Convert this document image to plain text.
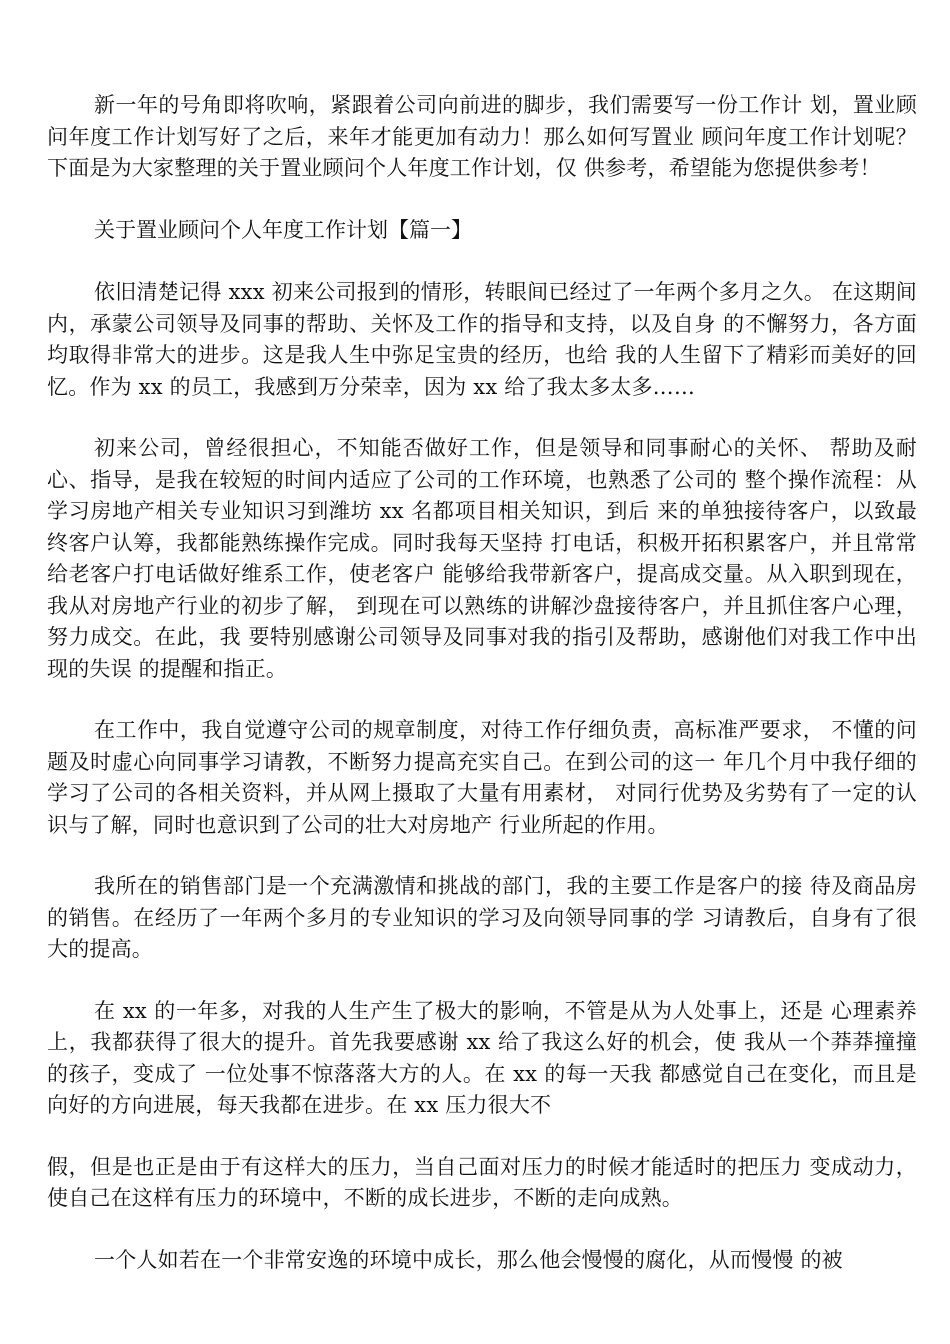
新一年的号角即将吹响，紧跟着公司向前进的脚步，我们需要写一份工作计 划，置业顾问年度工作计划写好了之后，来年才能更加有动力！那么如何写置业 顾问年度工作计划呢？下面是为大家整理的关于置业顾问个人年度工作计划，仅 供参考，希望能为您提供参考！

关于置业顾问个人年度工作计划【篇一】

依旧清楚记得 xxx 初来公司报到的情形，转眼间已经过了一年两个多月之久。 在这期间内，承蒙公司领导及同事的帮助、关怀及工作的指导和支持，以及自身 的不懈努力，各方面均取得非常大的进步。这是我人生中弥足宝贵的经历，也给 我的人生留下了精彩而美好的回忆。作为 xx 的员工，我感到万分荣幸，因为 xx 给了我太多太多……

初来公司，曾经很担心，不知能否做好工作，但是领导和同事耐心的关怀、 帮助及耐心、指导，是我在较短的时间内适应了公司的工作环境，也熟悉了公司的 整个操作流程：从学习房地产相关专业知识习到潍坊 xx 名都项目相关知识，到后 来的单独接待客户，以致最终客户认筹，我都能熟练操作完成。同时我每天坚持 打电话，积极开拓积累客户，并且常常给老客户打电话做好维系工作，使老客户 能够给我带新客户，提高成交量。从入职到现在，我从对房地产行业的初步了解， 到现在可以熟练的讲解沙盘接待客户，并且抓住客户心理，努力成交。在此，我 要特别感谢公司领导及同事对我的指引及帮助，感谢他们对我工作中出现的失误 的提醒和指正。

在工作中，我自觉遵守公司的规章制度，对待工作仔细负责，高标准严要求， 不懂的问题及时虚心向同事学习请教，不断努力提高充实自己。在到公司的这一 年几个月中我仔细的学习了公司的各相关资料，并从网上摄取了大量有用素材， 对同行优势及劣势有了一定的认识与了解，同时也意识到了公司的壮大对房地产 行业所起的作用。

我所在的销售部门是一个充满激情和挑战的部门，我的主要工作是客户的接 待及商品房的销售。在经历了一年两个多月的专业知识的学习及向领导同事的学 习请教后，自身有了很大的提高。

在 xx 的一年多，对我的人生产生了极大的影响，不管是从为人处事上，还是 心理素养上，我都获得了很大的提升。首先我要感谢 xx 给了我这么好的机会，使 我从一个莽莽撞撞的孩子，变成了 一位处事不惊落落大方的人。在 xx 的每一天我 都感觉自己在变化，而且是向好的方向进展，每天我都在进步。在 xx 压力很大不

假，但是也正是由于有这样大的压力，当自己面对压力的时候才能适时的把压力 变成动力，使自己在这样有压力的环境中，不断的成长进步，不断的走向成熟。

一个人如若在一个非常安逸的环境中成长，那么他会慢慢的腐化，从而慢慢 的被
